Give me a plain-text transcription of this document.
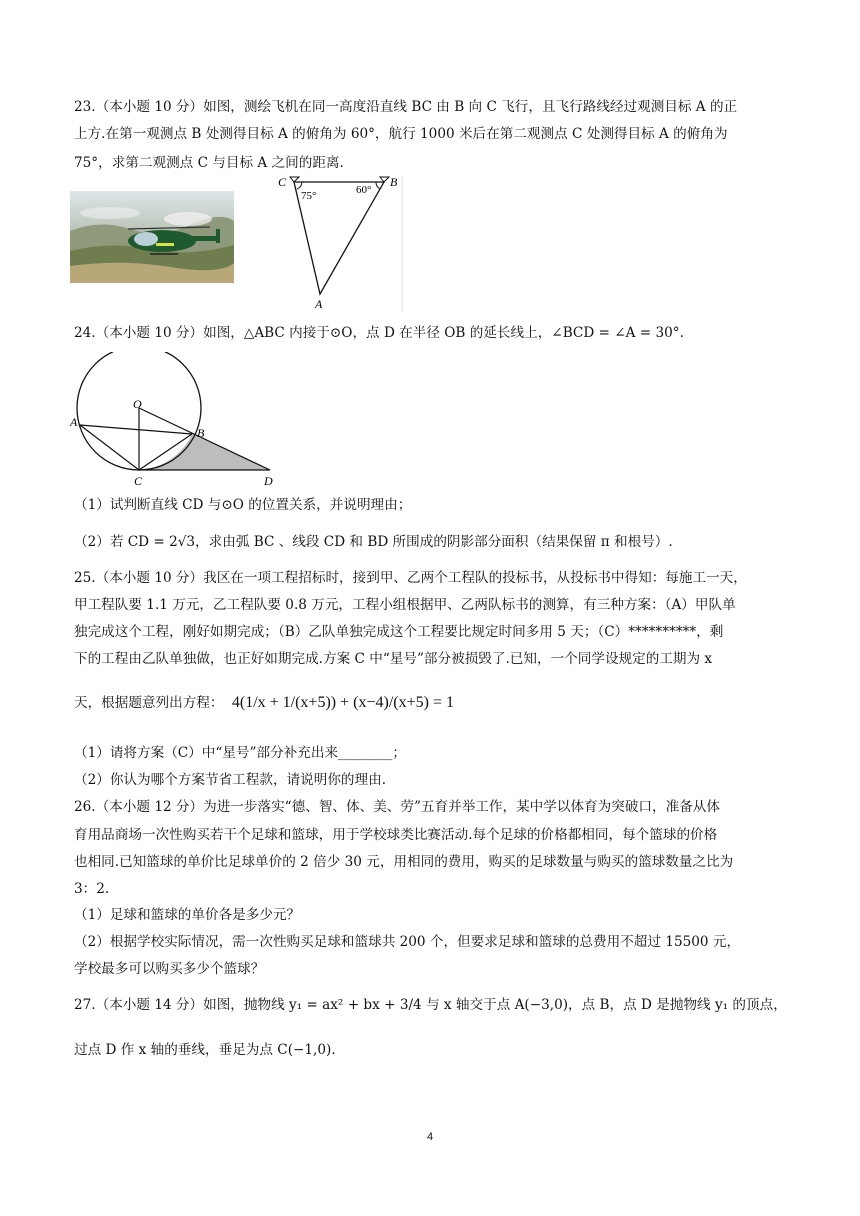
23.（本小题 10 分）如图，测绘飞机在同一高度沿直线 BC 由 B 向 C 飞行，且飞行路线经过观测目标 A 的正
上方.在第一观测点 B 处测得目标 A 的俯角为 60°，航行 1000 米后在第二观测点 C 处测得目标 A 的俯角为
75°，求第二观测点 C 与目标 A 之间的距离.
C	B
A
75°	60°
24.（本小题 10 分）如图，△ABC 内接于⊙O，点 D 在半径 OB 的延长线上，∠BCD = ∠A = 30°.
O
A
B
C	D
（1）试判断直线 CD 与⊙O 的位置关系，并说明理由；
（2）若 CD = 2√3，求由弧 BC 、线段 CD 和 BD 所围成的阴影部分面积（结果保留 π 和根号）.
25.（本小题 10 分）我区在一项工程招标时，接到甲、乙两个工程队的投标书，从投标书中得知：每施工一天，
甲工程队要 1.1 万元，乙工程队要 0.8 万元，工程小组根据甲、乙两队标书的测算，有三种方案：（A）甲队单
独完成这个工程，刚好如期完成；（B）乙队单独完成这个工程要比规定时间多用 5 天；（C）**********，剩
下的工程由乙队单独做，也正好如期完成.方案 C 中“星号”部分被损毁了.已知，一个同学设规定的工期为 x
天，根据题意列出方程： 4(1/x + 1/(x+5)) + (x−4)/(x+5) = 1
（1）请将方案（C）中“星号”部分补充出来________；
（2）你认为哪个方案节省工程款，请说明你的理由.
26.（本小题 12 分）为进一步落实“德、智、体、美、劳”五育并举工作，某中学以体育为突破口，准备从体
育用品商场一次性购买若干个足球和篮球，用于学校球类比赛活动.每个足球的价格都相同，每个篮球的价格
也相同.已知篮球的单价比足球单价的 2 倍少 30 元，用相同的费用，购买的足球数量与购买的篮球数量之比为
3：2.
（1）足球和篮球的单价各是多少元？
（2）根据学校实际情况，需一次性购买足球和篮球共 200 个，但要求足球和篮球的总费用不超过 15500 元，
学校最多可以购买多少个篮球？
27.（本小题 14 分）如图，抛物线 y₁ = ax² + bx + 3/4 与 x 轴交于点 A(−3,0)，点 B，点 D 是抛物线 y₁ 的顶点，
过点 D 作 x 轴的垂线，垂足为点 C(−1,0).
4
